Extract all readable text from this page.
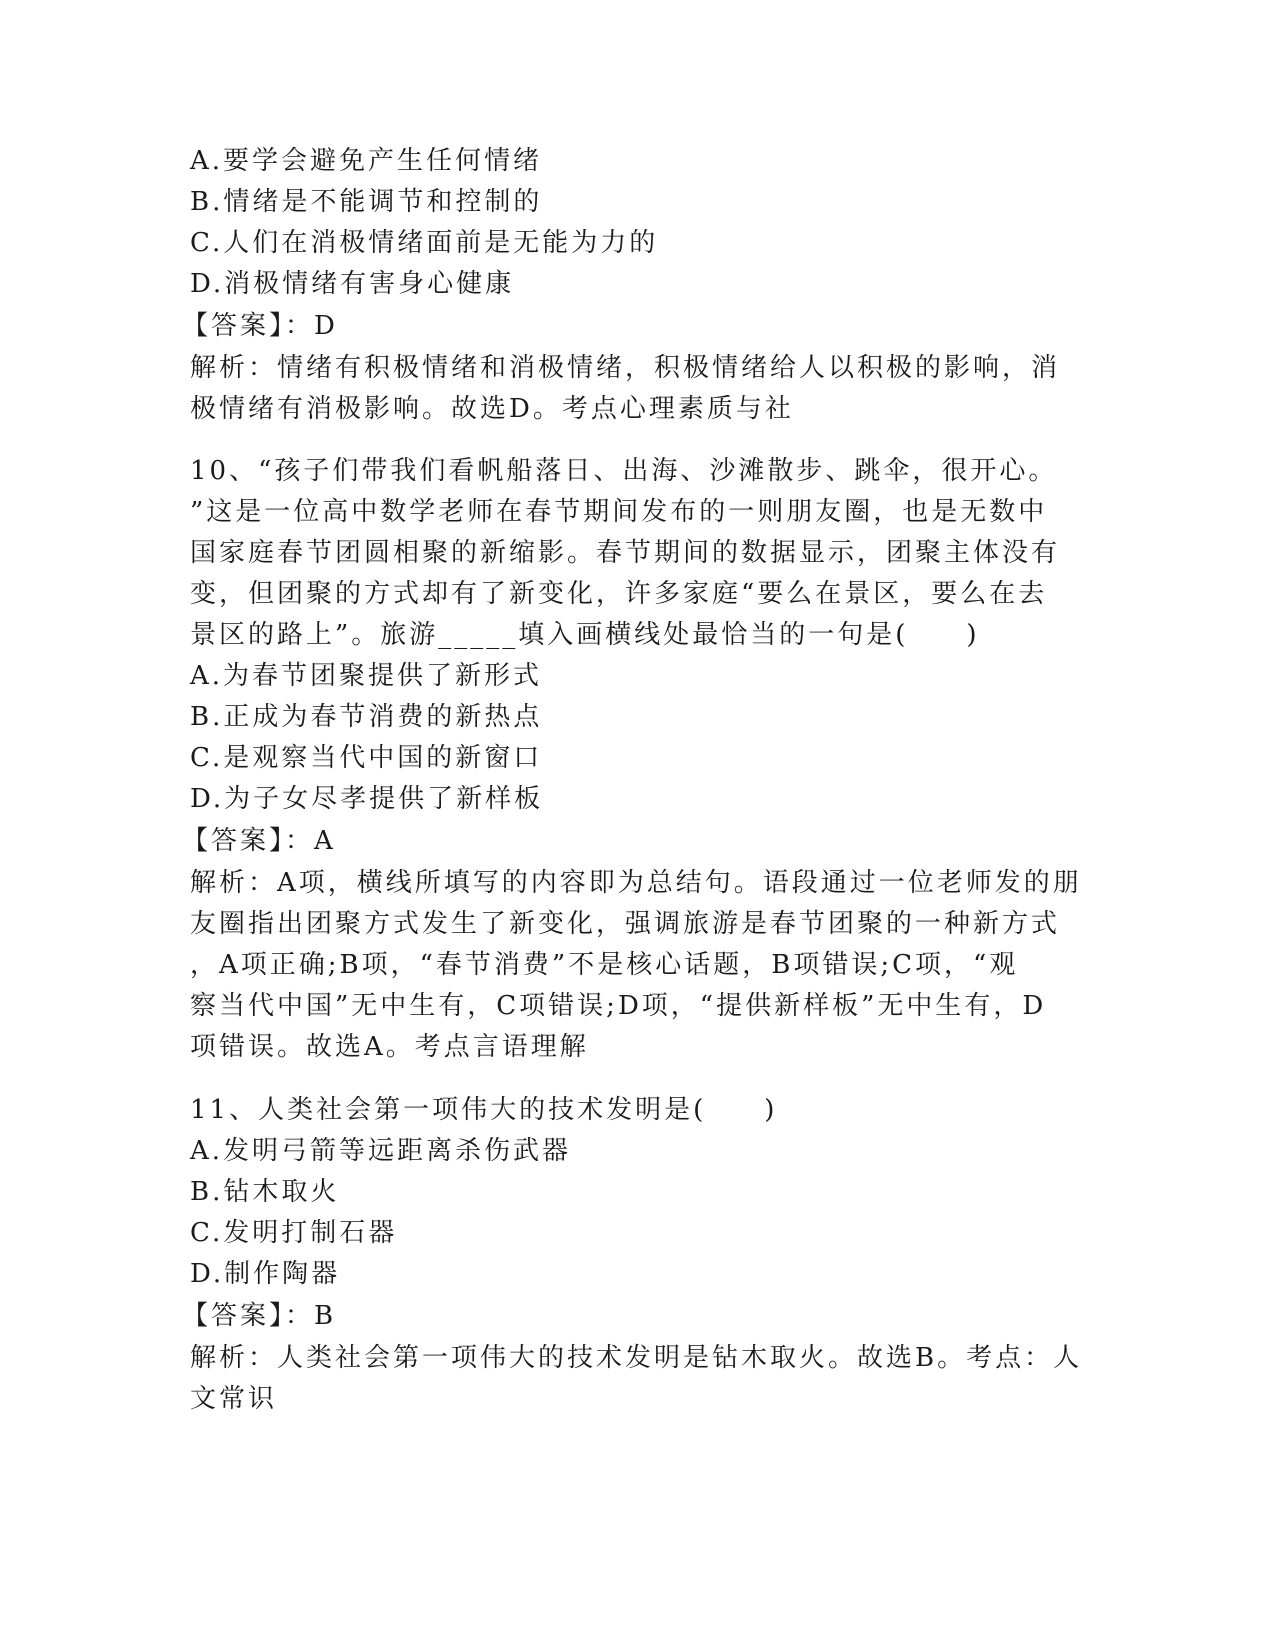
A.要学会避免产生任何情绪
B.情绪是不能调节和控制的
C.人们在消极情绪面前是无能为力的
D.消极情绪有害身心健康
【答案】：D
解析：情绪有积极情绪和消极情绪，积极情绪给人以积极的影响，消
极情绪有消极影响。故选D。考点心理素质与社
10、“孩子们带我们看帆船落日、出海、沙滩散步、跳伞，很开心。
”这是一位高中数学老师在春节期间发布的一则朋友圈，也是无数中
国家庭春节团圆相聚的新缩影。春节期间的数据显示，团聚主体没有
变，但团聚的方式却有了新变化，许多家庭“要么在景区，要么在去
景区的路上”。旅游_____填入画横线处最恰当的一句是(　　)
A.为春节团聚提供了新形式
B.正成为春节消费的新热点
C.是观察当代中国的新窗口
D.为子女尽孝提供了新样板
【答案】：A
解析：A项，横线所填写的内容即为总结句。语段通过一位老师发的朋
友圈指出团聚方式发生了新变化，强调旅游是春节团聚的一种新方式
，A项正确;B项，“春节消费”不是核心话题，B项错误;C项，“观
察当代中国”无中生有，C项错误;D项，“提供新样板”无中生有，D
项错误。故选A。考点言语理解
11、人类社会第一项伟大的技术发明是(　　)
A.发明弓箭等远距离杀伤武器
B.钻木取火
C.发明打制石器
D.制作陶器
【答案】：B
解析：人类社会第一项伟大的技术发明是钻木取火。故选B。考点：人
文常识
